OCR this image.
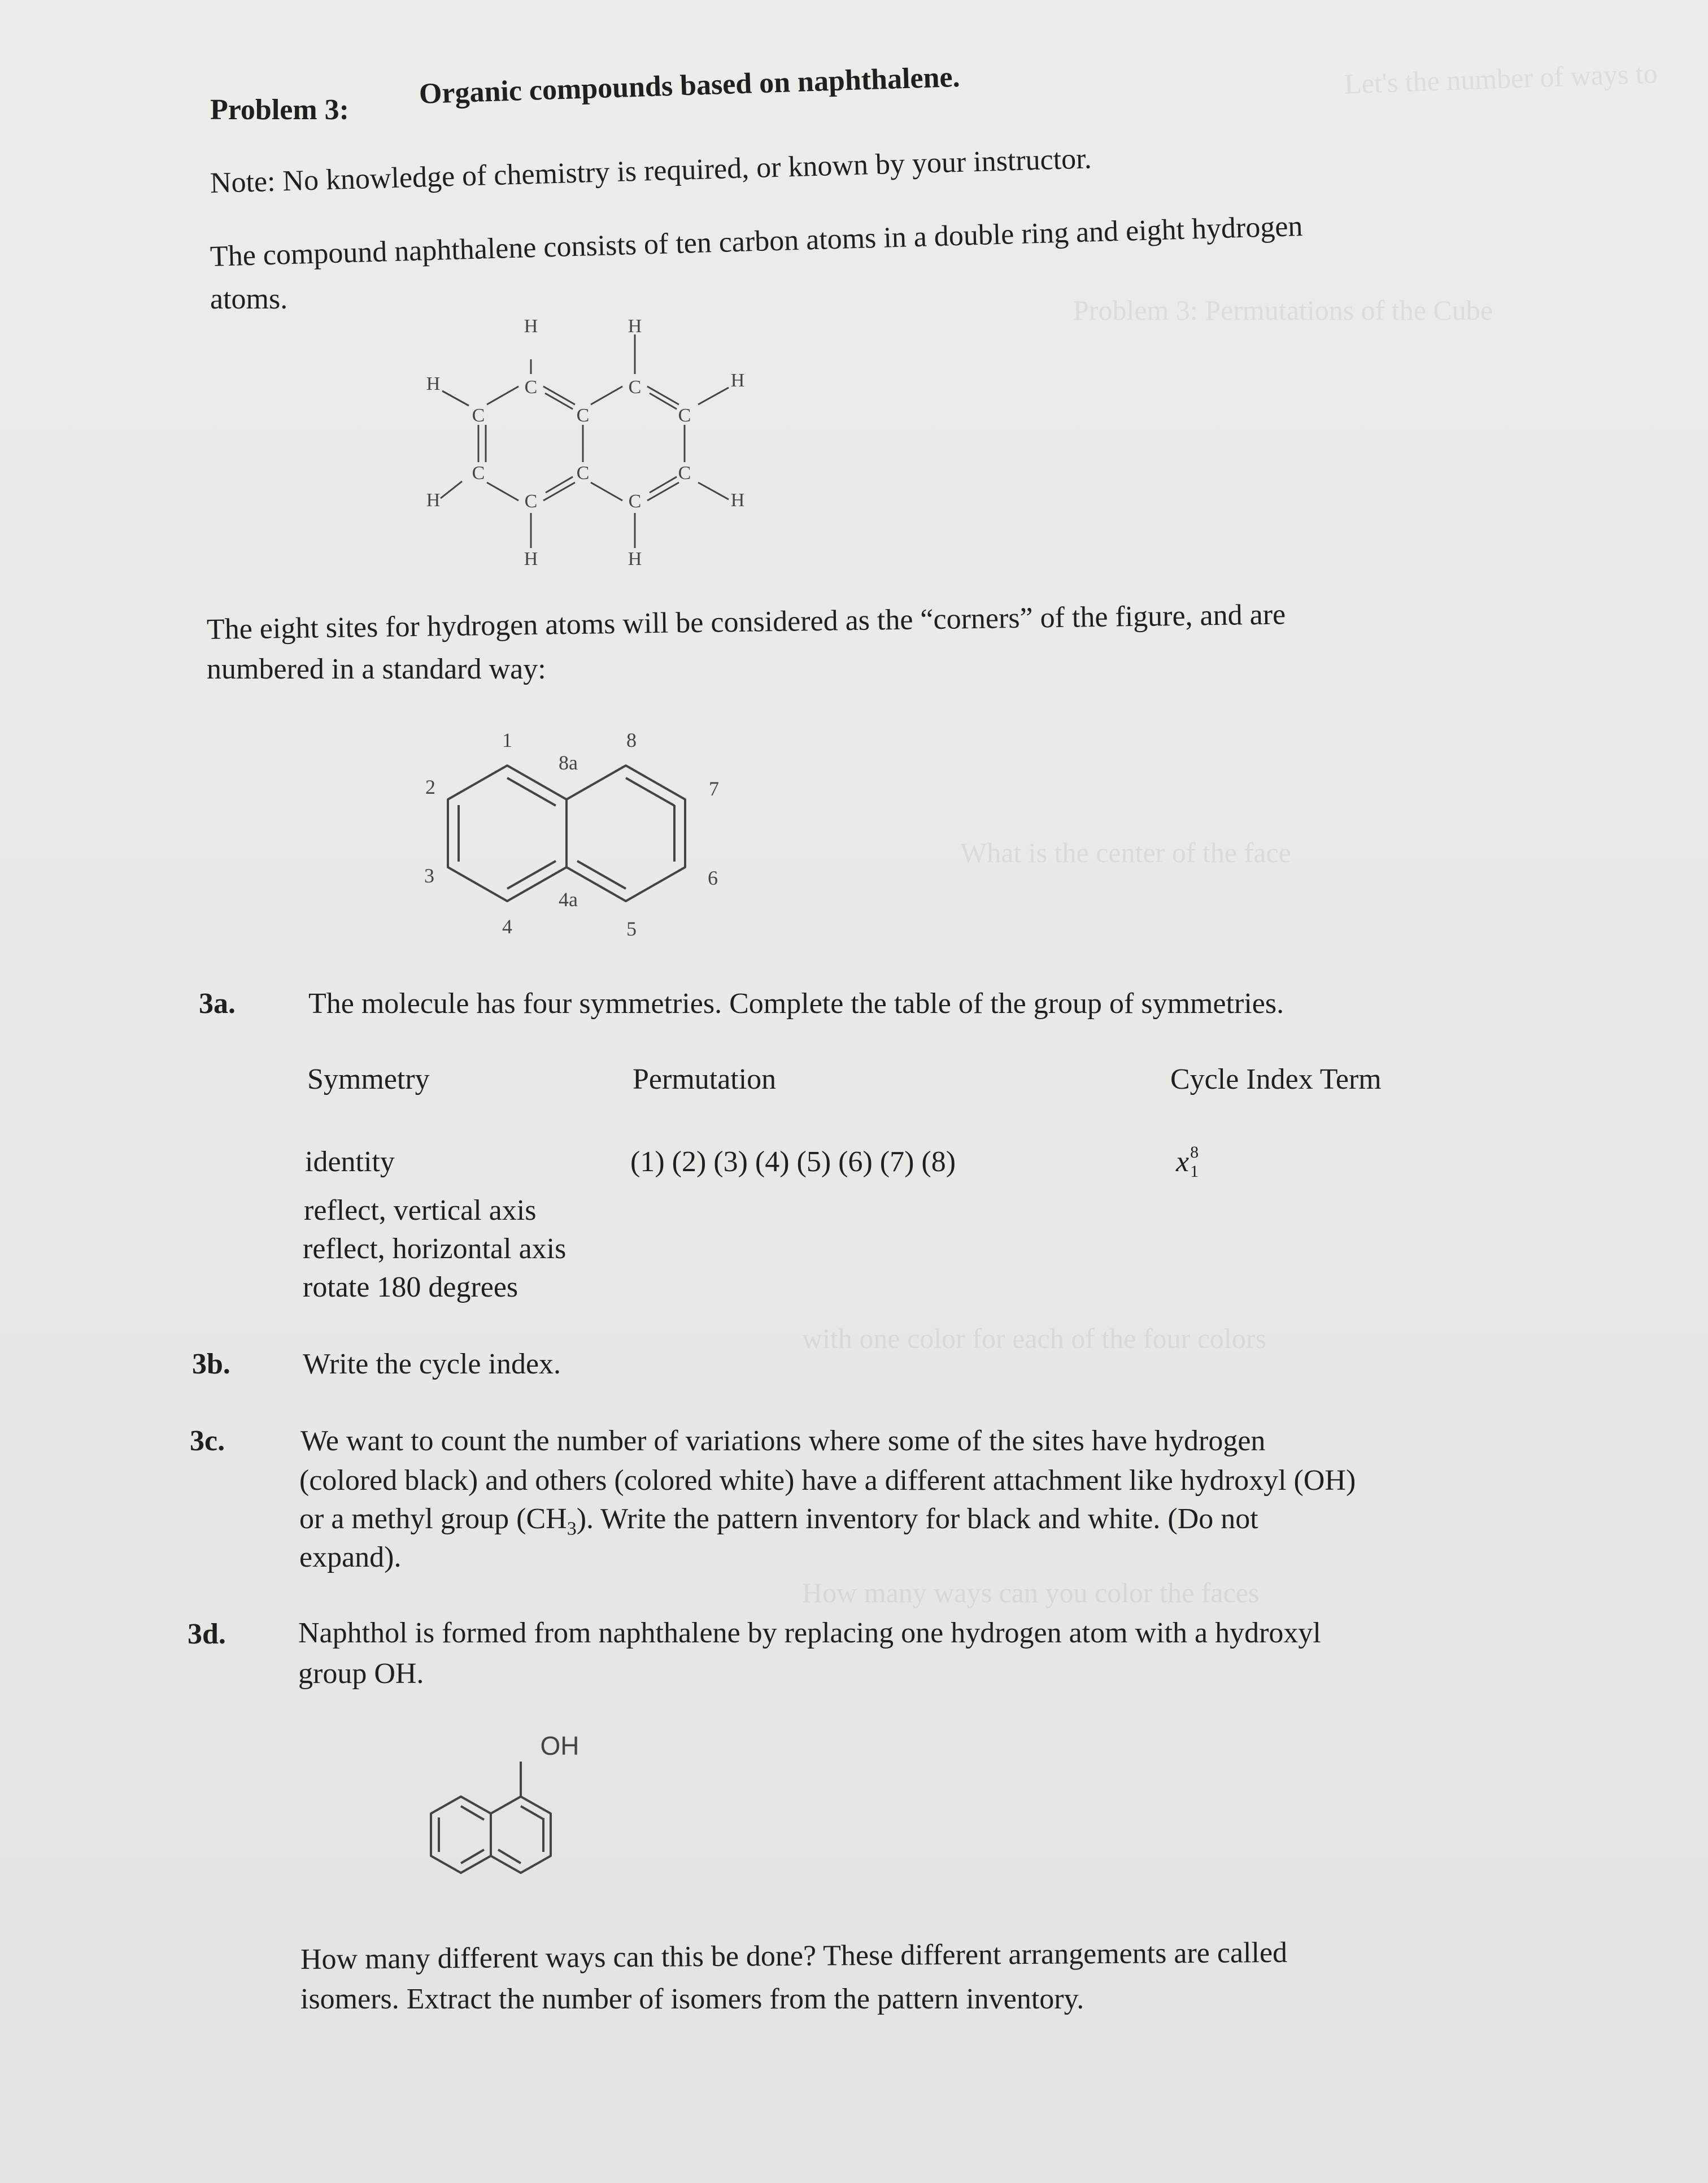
Let's the number of ways to
Problem 3: Permutations of the Cube
What is the center of the face
with one color for each of the four colors
How many ways can you color the faces
Problem 3: Organic compounds based on naphthalene.
Note: No knowledge of chemistry is required, or known by your instructor.
The compound naphthalene consists of ten carbon atoms in a double ring and eight hydrogen
atoms.
C	C
C	C	C
C	C	C
C	C
H	H
H
H
H	H
H
H
The eight sites for hydrogen atoms will be considered as the “corners” of the figure, and are
numbered in a standard way:
1
2
3
4	5
6
7
8
8a
4a
3a. The molecule has four symmetries. Complete the table of the group of symmetries.
Symmetry	Permutation	Cycle Index Term
identity	(1) (2) (3) (4) (5) (6) (7) (8)	x 8
1
reflect, vertical axis
reflect, horizontal axis
rotate 180 degrees
3b. Write the cycle index.
3c.	We want to count the number of variations where some of the sites have hydrogen
(colored black) and others (colored white) have a different attachment like hydroxyl (OH)
or a methyl group $(CH_3)$. Write the pattern inventory for black and white. (Do not
expand).
3d. Naphthol is formed from naphthalene by replacing one hydrogen atom with a hydroxyl
group OH.
OH
How many different ways can this be done? These different arrangements are called
isomers. Extract the number of isomers from the pattern inventory.
